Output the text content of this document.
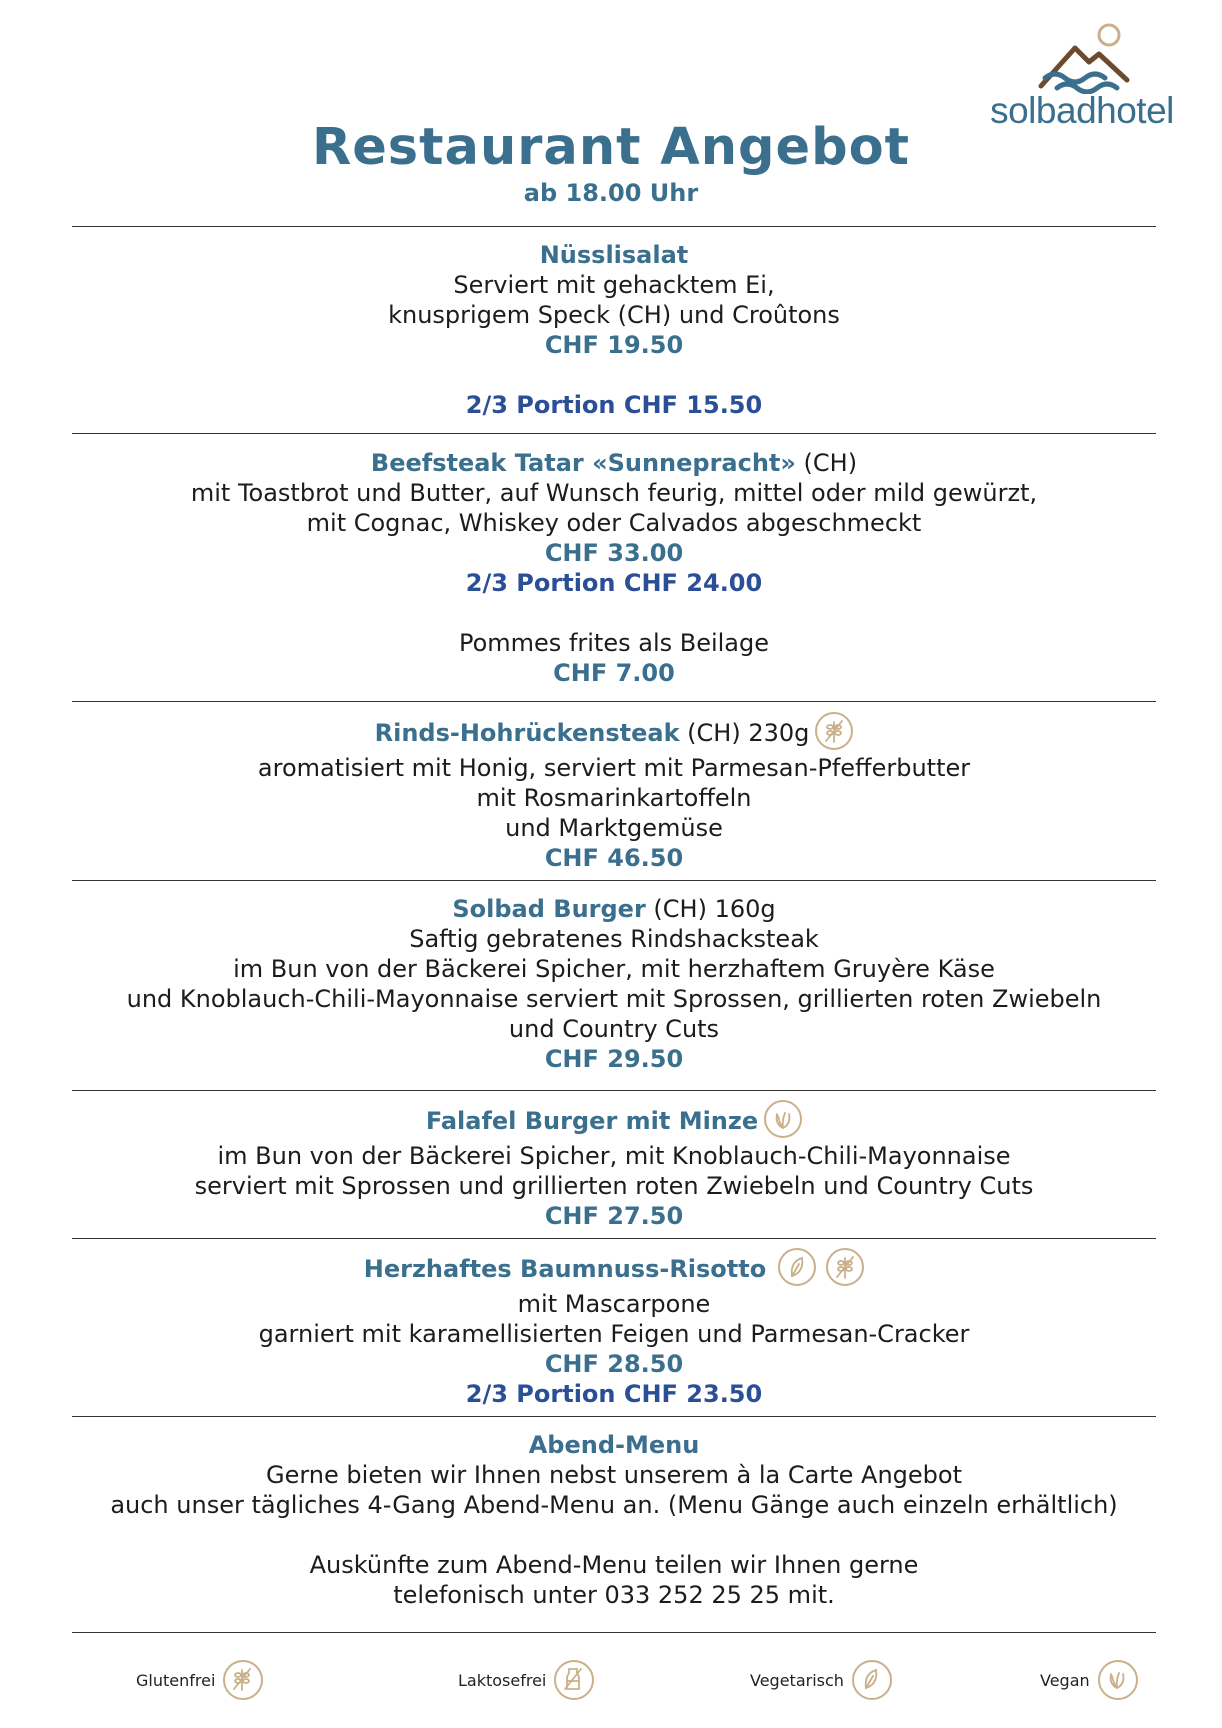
solbadhotel
Restaurant Angebot
ab 18.00 Uhr
Nüsslisalat
Serviert mit gehacktem Ei,
knusprigem Speck (CH) und Croûtons
CHF 19.50
2/3 Portion CHF 15.50
Beefsteak Tatar «Sunnepracht» (CH)
mit Toastbrot und Butter, auf Wunsch feurig, mittel oder mild gewürzt,
mit Cognac, Whiskey oder Calvados abgeschmeckt
CHF 33.00
2/3 Portion CHF 24.00
Pommes frites als Beilage
CHF 7.00
Rinds-Hohrückensteak (CH) 230g
aromatisiert mit Honig, serviert mit Parmesan-Pfefferbutter
mit Rosmarinkartoffeln
und Marktgemüse
CHF 46.50
Solbad Burger (CH) 160g
Saftig gebratenes Rindshacksteak
im Bun von der Bäckerei Spicher, mit herzhaftem Gruyère Käse
und Knoblauch-Chili-Mayonnaise serviert mit Sprossen, grillierten roten Zwiebeln
und Country Cuts
CHF 29.50
Falafel Burger mit Minze
im Bun von der Bäckerei Spicher, mit Knoblauch-Chili-Mayonnaise
serviert mit Sprossen und grillierten roten Zwiebeln und Country Cuts
CHF 27.50
Herzhaftes Baumnuss-Risotto
mit Mascarpone
garniert mit karamellisierten Feigen und Parmesan-Cracker
CHF 28.50
2/3 Portion CHF 23.50
Abend-Menu
Gerne bieten wir Ihnen nebst unserem à la Carte Angebot
auch unser tägliches 4-Gang Abend-Menu an. (Menu Gänge auch einzeln erhältlich)
Auskünfte zum Abend-Menu teilen wir Ihnen gerne
telefonisch unter 033 252 25 25 mit.
Glutenfrei	Laktosefrei	Vegetarisch	Vegan
